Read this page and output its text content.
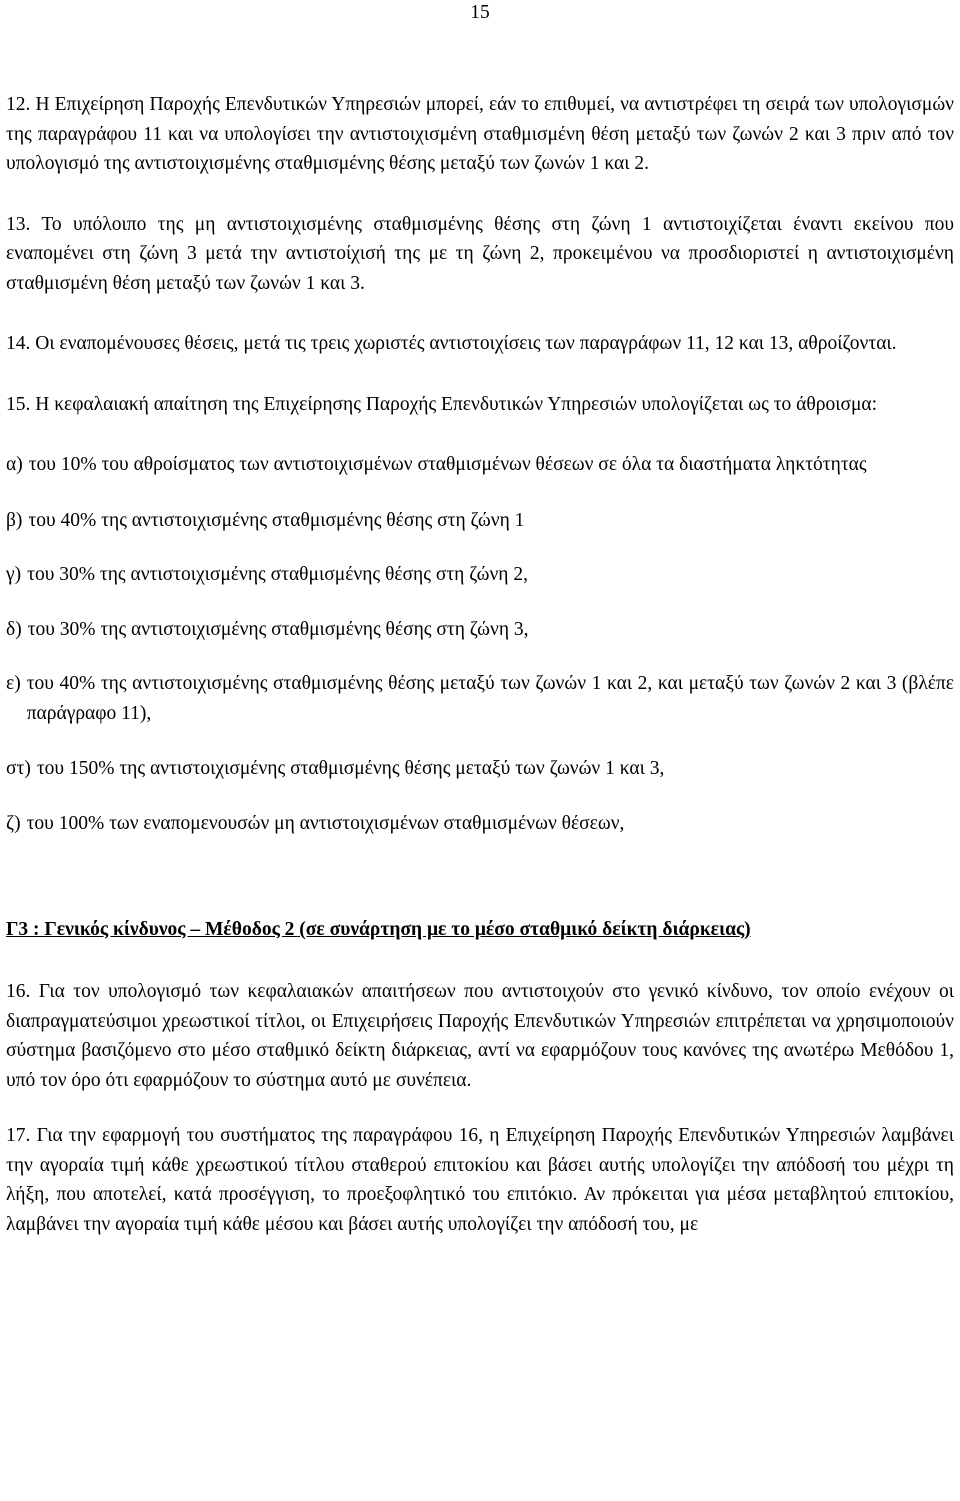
15

12. Η Επιχείρηση Παροχής Επενδυτικών Υπηρεσιών μπορεί, εάν το επιθυμεί, να αντιστρέφει τη σειρά των υπολογισμών της παραγράφου 11 και να υπολογίσει την αντιστοιχισμένη σταθμισμένη θέση μεταξύ των ζωνών 2 και 3 πριν από τον υπολογισμό της αντιστοιχισμένης σταθμισμένης θέσης μεταξύ των ζωνών 1 και 2.

13. Το υπόλοιπο της μη αντιστοιχισμένης σταθμισμένης θέσης στη ζώνη 1 αντιστοιχίζεται έναντι εκείνου που εναπομένει στη ζώνη 3 μετά την αντιστοίχισή της με τη ζώνη 2, προκειμένου να προσδιοριστεί η αντιστοιχισμένη σταθμισμένη θέση μεταξύ των ζωνών 1 και 3.

14. Οι εναπομένουσες θέσεις, μετά τις τρεις χωριστές αντιστοιχίσεις των παραγράφων 11, 12 και 13, αθροίζονται.

15. Η κεφαλαιακή απαίτηση της Επιχείρησης Παροχής Επενδυτικών Υπηρεσιών υπολογίζεται ως το άθροισμα:

α) του 10% του αθροίσματος των αντιστοιχισμένων σταθμισμένων θέσεων σε όλα τα διαστήματα ληκτότητας
β) του 40% της αντιστοιχισμένης σταθμισμένης θέσης στη ζώνη 1
γ) του 30% της αντιστοιχισμένης σταθμισμένης θέσης στη ζώνη 2,
δ) του 30% της αντιστοιχισμένης σταθμισμένης θέσης στη ζώνη 3,
ε) του 40% της αντιστοιχισμένης σταθμισμένης θέσης μεταξύ των ζωνών 1 και 2, και μεταξύ των ζωνών 2 και 3 (βλέπε παράγραφο 11),
στ) του 150% της αντιστοιχισμένης σταθμισμένης θέσης μεταξύ των ζωνών 1 και 3,
ζ) του 100% των εναπομενουσών μη αντιστοιχισμένων σταθμισμένων θέσεων,
Γ3 : Γενικός κίνδυνος – Μέθοδος 2 (σε συνάρτηση με το μέσο σταθμικό δείκτη διάρκειας)

16. Για τον υπολογισμό των κεφαλαιακών απαιτήσεων που αντιστοιχούν στο γενικό κίνδυνο, τον οποίο ενέχουν οι διαπραγματεύσιμοι χρεωστικοί τίτλοι, οι Επιχειρήσεις Παροχής Επενδυτικών Υπηρεσιών επιτρέπεται να χρησιμοποιούν σύστημα βασιζόμενο στο μέσο σταθμικό δείκτη διάρκειας, αντί να εφαρμόζουν τους κανόνες της ανωτέρω Μεθόδου 1, υπό τον όρο ότι εφαρμόζουν το σύστημα αυτό με συνέπεια.

17. Για την εφαρμογή του συστήματος της παραγράφου 16, η Επιχείρηση Παροχής Επενδυτικών Υπηρεσιών λαμβάνει την αγοραία τιμή κάθε χρεωστικού τίτλου σταθερού επιτοκίου και βάσει αυτής υπολογίζει την απόδοσή του μέχρι τη λήξη, που αποτελεί, κατά προσέγγιση, το προεξοφλητικό του επιτόκιο. Αν πρόκειται για μέσα μεταβλητού επιτοκίου, λαμβάνει την αγοραία τιμή κάθε μέσου και βάσει αυτής υπολογίζει την απόδοσή του, με
